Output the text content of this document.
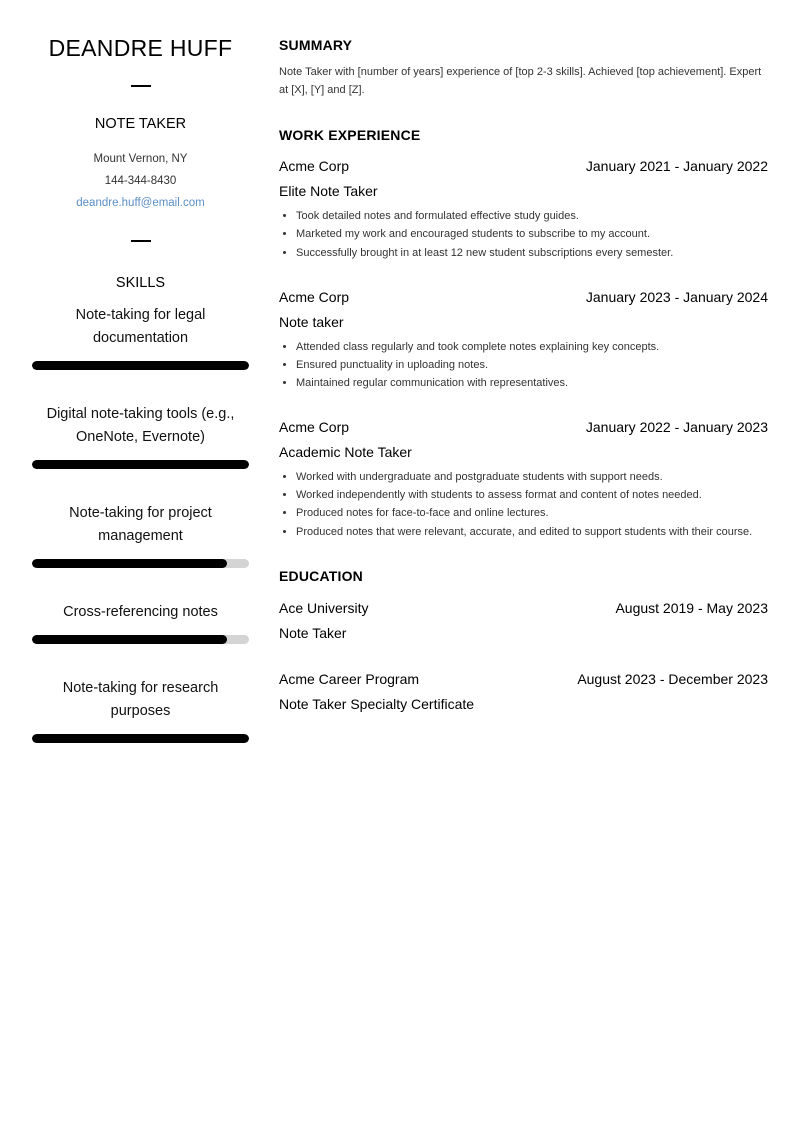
DEANDRE HUFF
NOTE TAKER
Mount Vernon, NY
144-344-8430
deandre.huff@email.com
SKILLS
Note-taking for legal documentation
Digital note-taking tools (e.g., OneNote, Evernote)
Note-taking for project management
Cross-referencing notes
Note-taking for research purposes
SUMMARY

Note Taker with [number of years] experience of [top 2-3 skills]. Achieved [top achievement]. Expert at [X], [Y] and [Z].

WORK EXPERIENCE
Acme Corp	January 2021 - January 2022
Elite Note Taker
• Took detailed notes and formulated effective study guides.
• Marketed my work and encouraged students to subscribe to my account.
• Successfully brought in at least 12 new student subscriptions every semester.
Acme Corp	January 2023 - January 2024
Note taker
• Attended class regularly and took complete notes explaining key concepts.
• Ensured punctuality in uploading notes.
• Maintained regular communication with representatives.
Acme Corp	January 2022 - January 2023
Academic Note Taker
• Worked with undergraduate and postgraduate students with support needs.
• Worked independently with students to assess format and content of notes needed.
• Produced notes for face-to-face and online lectures.
• Produced notes that were relevant, accurate, and edited to support students with their course.
EDUCATION
Ace University	August 2019 - May 2023
Note Taker
Acme Career Program	August 2023 - December 2023
Note Taker Specialty Certificate
